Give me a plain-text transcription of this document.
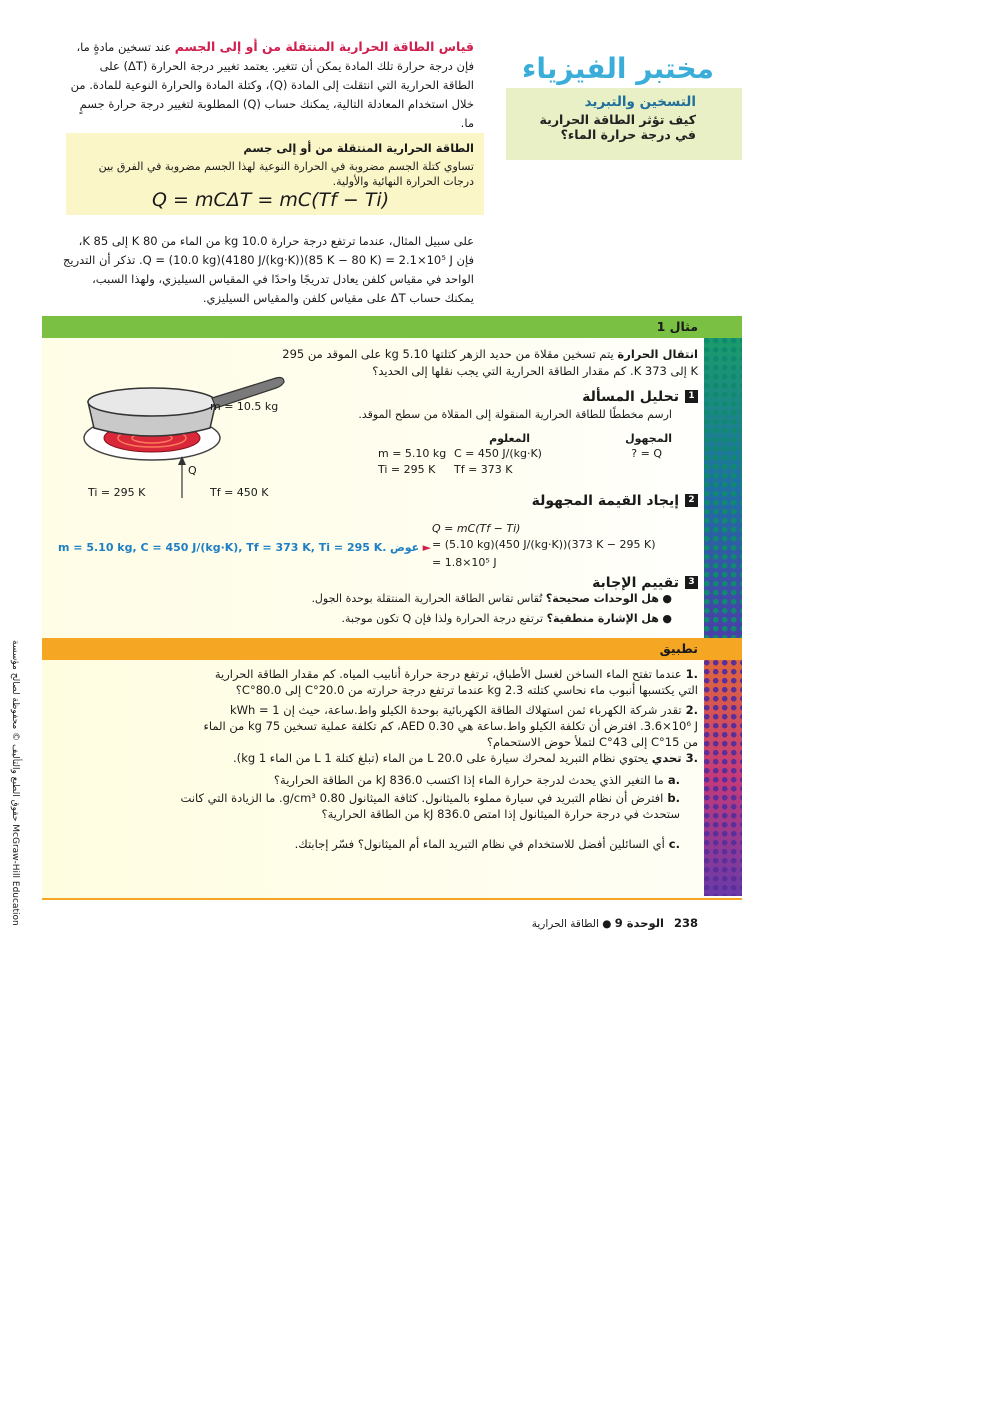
مختبر الفيزياء
التسخين والتبريد
كيف تؤثر الطاقة الحرارية في درجة حرارة الماء؟
قياس الطاقة الحرارية المنتقلة من أو إلى الجسم عند تسخين مادةٍ ما، فإن درجة حرارة تلك المادة يمكن أن تتغير. يعتمد تغيير درجة الحرارة (ΔT) على الطاقة الحرارية التي انتقلت إلى المادة (Q)، وكتلة المادة والحرارة النوعية للمادة. من خلال استخدام المعادلة التالية، يمكنك حساب (Q) المطلوبة لتغيير درجة حرارة جسمٍ ما.
الطاقة الحرارية المنتقلة من أو إلى جسم
تساوي كتلة الجسم مضروبة في الحرارة النوعية لهذا الجسم مضروبة في الفرق بين درجات الحرارة النهائية والأولية.
Q = mCΔT = mC(Tf − Ti)
على سبيل المثال، عندما ترتفع درجة حرارة 10.0 kg من الماء من 80 K إلى 85 K، فإن Q = (10.0 kg)(4180 J/(kg·K))(85 K − 80 K) = 2.1×10⁵ J. تذكر أن التدريج الواحد في مقياس كلفن يعادل تدريجًا واحدًا في المقياس السيليزي، ولهذا السبب، يمكنك حساب ΔT على مقياس كلفن والمقياس السيليزي.
مثال 1
انتقال الحرارة يتم تسخين مقلاة من حديد الزهر كتلتها 5.10 kg على الموقد من 295 K إلى 373 K. كم مقدار الطاقة الحرارية التي يجب نقلها إلى الحديد؟
m = 10.5 kg
Q
Ti = 295 K	Tf = 450 K
1تحليل المسألة
ارسم مخططًا للطاقة الحرارية المنقولة إلى المقلاة من سطح الموقد.
المجهول
المعلوم
Q = ?
C = 450 J/(kg·K)
m = 5.10 kg
Tf = 373 K
Ti = 295 K
2إيجاد القيمة المجهولة
Q = mC(Tf − Ti)
= (5.10 kg)(450 J/(kg·K))(373 K − 295 K)
= 1.8×10⁵ J
m = 5.10 kg, C = 450 J/(kg·K), Tf = 373 K, Ti = 295 K. عوض ►
3تقييم الإجابة
● هل الوحدات صحيحة؟ تُقاس تقاس الطاقة الحرارية المنتقلة بوحدة الجول.
● هل الإشارة منطقية؟ ترتفع درجة الحرارة ولذا فإن Q تكون موجبة.
تطبيق
.1 عندما تفتح الماء الساخن لغسل الأطباق، ترتفع درجة حرارة أنابيب المياه. كم مقدار الطاقة الحرارية التي يكتسبها أنبوب ماء نحاسي كتلته 2.3 kg عندما ترتفع درجة حرارته من 20.0°C إلى 80.0°C؟
.2 تقدر شركة الكهرباء ثمن استهلاك الطاقة الكهربائية بوحدة الكيلو واط.ساعة، حيث إن 1 kWh = 3.6×10⁶ J. افترض أن تكلفة الكيلو واط.ساعة هي AED 0.30، كم تكلفة عملية تسخين 75 kg من الماء من 15°C إلى 43°C لتملأ حوض الاستحمام؟
.3 تحدي يحتوي نظام التبريد لمحرك سيارة على 20.0 L من الماء (تبلغ كتلة 1 L من الماء 1 kg).
.a ما التغير الذي يحدث لدرجة حرارة الماء إذا اكتسب 836.0 kJ من الطاقة الحرارية؟
.b افترض أن نظام التبريد في سيارة مملوء بالميثانول. كثافة الميثانول 0.80 g/cm³. ما الزيادة التي كانت ستحدث في درجة حرارة الميثانول إذا امتص 836.0 kJ من الطاقة الحرارية؟
.c أي السائلين أفضل للاستخدام في نظام التبريد الماء أم الميثانول؟ فسّر إجابتك.
حقوق الطبع والتأليف © محفوظة لصالح مؤسسة McGraw-Hill Education	238   الوحدة 9 ● الطاقة الحرارية
